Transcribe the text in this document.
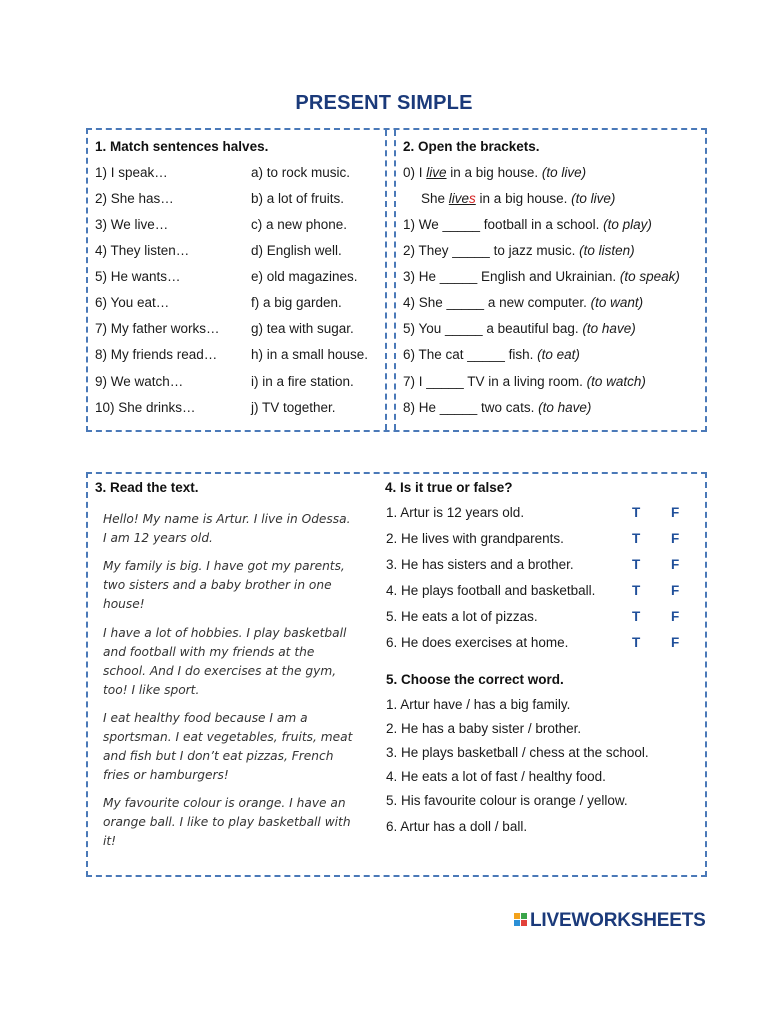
PRESENT SIMPLE
1. Match sentences halves.
1) I speak…
2) She has…
3) We live…
4) They listen…
5) He wants…
6) You eat…
7) My father works…
8) My friends read…
9) We watch…
10) She drinks…
a) to rock music.
b) a lot of fruits.
c) a new phone.
d) English well.
e) old magazines.
f) a big garden.
g) tea with sugar.
h) in a small house.
i) in a fire station.
j) TV together.
2. Open the brackets.
0) I live in a big house. (to live)
She lives in a big house. (to live)
1) We _____ football in a school. (to play)
2) They _____ to jazz music. (to listen)
3) He _____ English and Ukrainian. (to speak)
4) She _____ a new computer. (to want)
5) You _____ a beautiful bag. (to have)
6) The cat _____ fish. (to eat)
7) I _____ TV in a living room. (to watch)
8) He _____ two cats. (to have)
3. Read the text.
Hello! My name is Artur. I live in Odessa. I am 12 years old.
My family is big. I have got my parents, two sisters and a baby brother in one house!
I have a lot of hobbies. I play basketball and football with my friends at the school. And I do exercises at the gym, too! I like sport.
I eat healthy food because I am a sportsman. I eat vegetables, fruits, meat and fish but I don’t eat pizzas, French fries or hamburgers!
My favourite colour is orange. I have an orange ball. I like to play basketball with it!
4. Is it true or false?
1. Artur is 12 years old.
2. He lives with grandparents.
3. He has sisters and a brother.
4. He plays football and basketball.
5. He eats a lot of pizzas.
6. He does exercises at home.
T F
T F
T F
T F
T F
T F
5. Choose the correct word.
1. Artur have / has a big family.
2. He has a baby sister / brother.
3. He plays basketball / chess at the school.
4. He eats a lot of fast / healthy food.
5. His favourite colour is orange / yellow.
6. Artur has a doll / ball.
LIVEWORKSHEETS
